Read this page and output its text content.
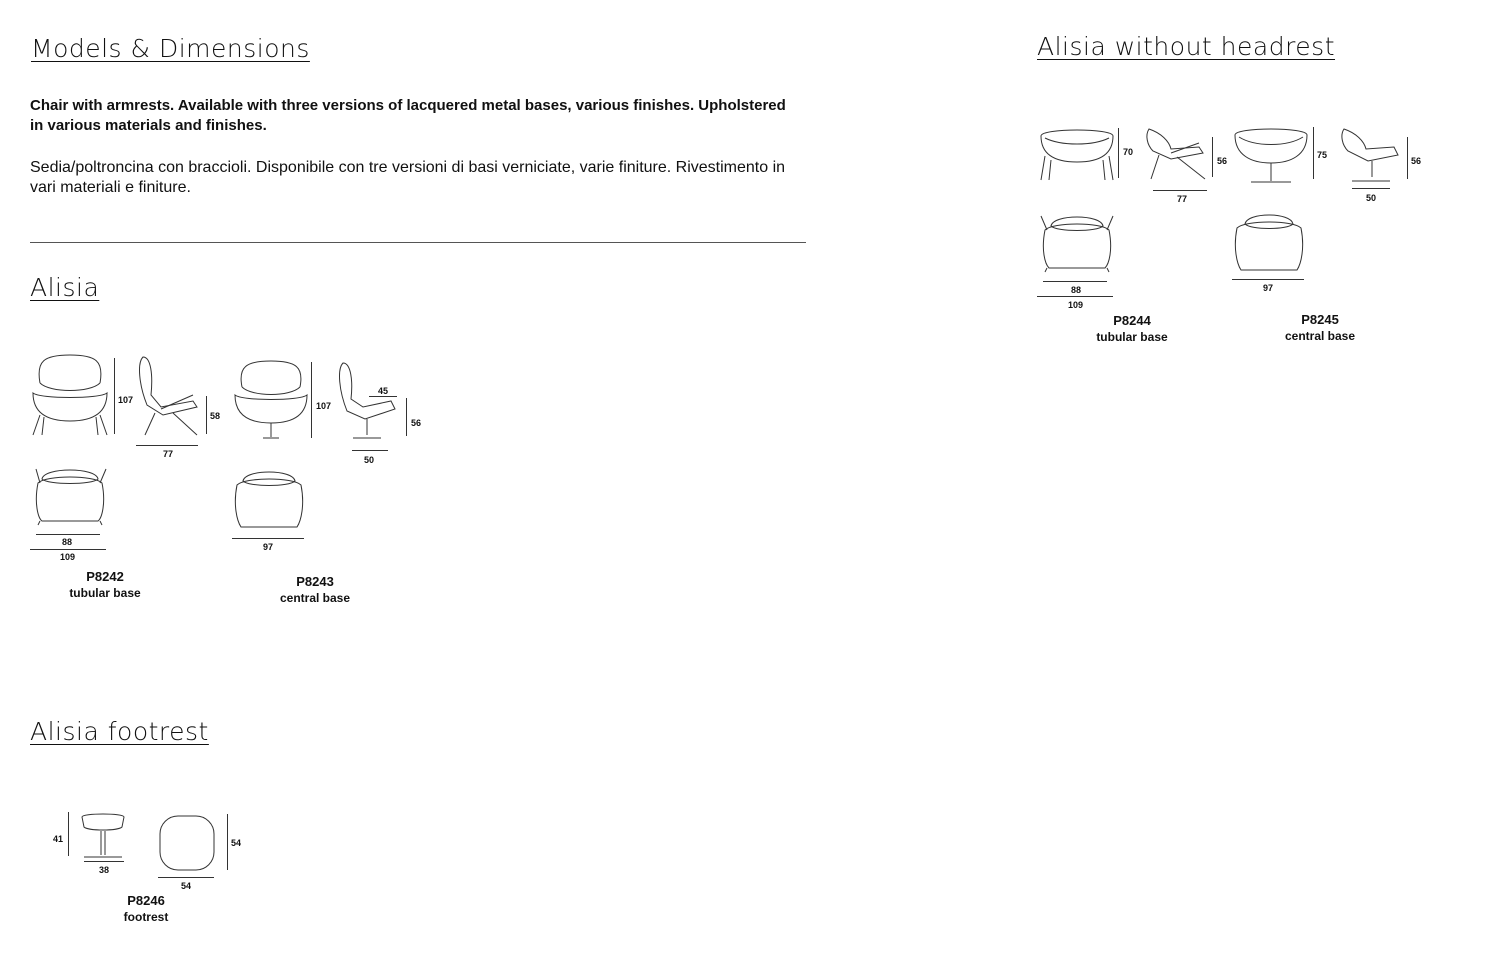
Models & Dimensions
Chair with armrests. Available with three versions of lacquered metal bases, various finishes. Upholstered in various materials and finishes.
Sedia/poltroncina con braccioli. Disponibile con tre versioni di basi verniciate, varie finiture. Rivestimento in vari materiali e finiture.
Alisia
107
58
77
107
45
56
50
88
109
97
P8242
tubular base
P8243
central base
Alisia footrest
41
38
54
54
P8246
footrest
Alisia without headrest
70
56
77
75
56
50
88
109
97
P8244
tubular base
P8245
central base
